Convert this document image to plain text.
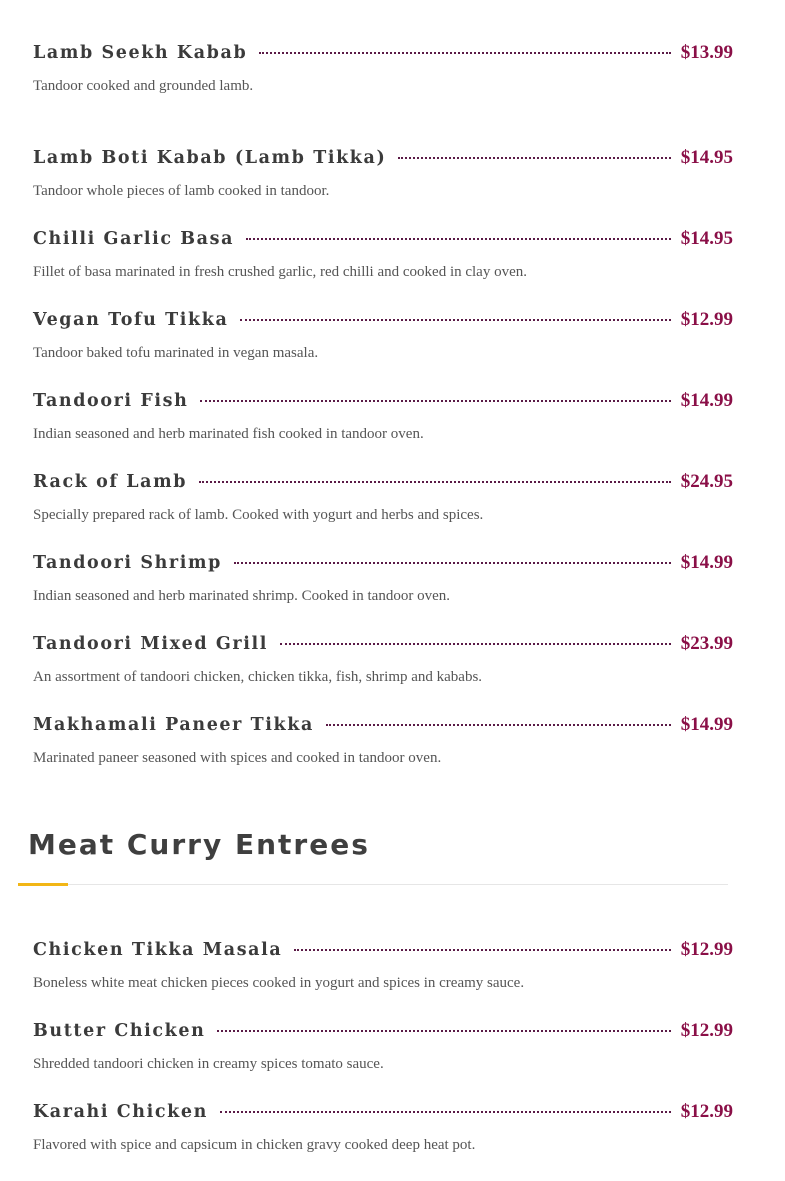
Lamb Seekh Kabab	$13.99
Tandoor cooked and grounded lamb.
Lamb Boti Kabab (Lamb Tikka)	$14.95
Tandoor whole pieces of lamb cooked in tandoor.
Chilli Garlic Basa	$14.95
Fillet of basa marinated in fresh crushed garlic, red chilli and cooked in clay oven.
Vegan Tofu Tikka	$12.99
Tandoor baked tofu marinated in vegan masala.
Tandoori Fish	$14.99
Indian seasoned and herb marinated fish cooked in tandoor oven.
Rack of Lamb	$24.95
Specially prepared rack of lamb. Cooked with yogurt and herbs and spices.
Tandoori Shrimp	$14.99
Indian seasoned and herb marinated shrimp. Cooked in tandoor oven.
Tandoori Mixed Grill	$23.99
An assortment of tandoori chicken, chicken tikka, fish, shrimp and kababs.
Makhamali Paneer Tikka	$14.99
Marinated paneer seasoned with spices and cooked in tandoor oven.
Meat Curry Entrees
Chicken Tikka Masala	$12.99
Boneless white meat chicken pieces cooked in yogurt and spices in creamy sauce.
Butter Chicken	$12.99
Shredded tandoori chicken in creamy spices tomato sauce.
Karahi Chicken	$12.99
Flavored with spice and capsicum in chicken gravy cooked deep heat pot.
